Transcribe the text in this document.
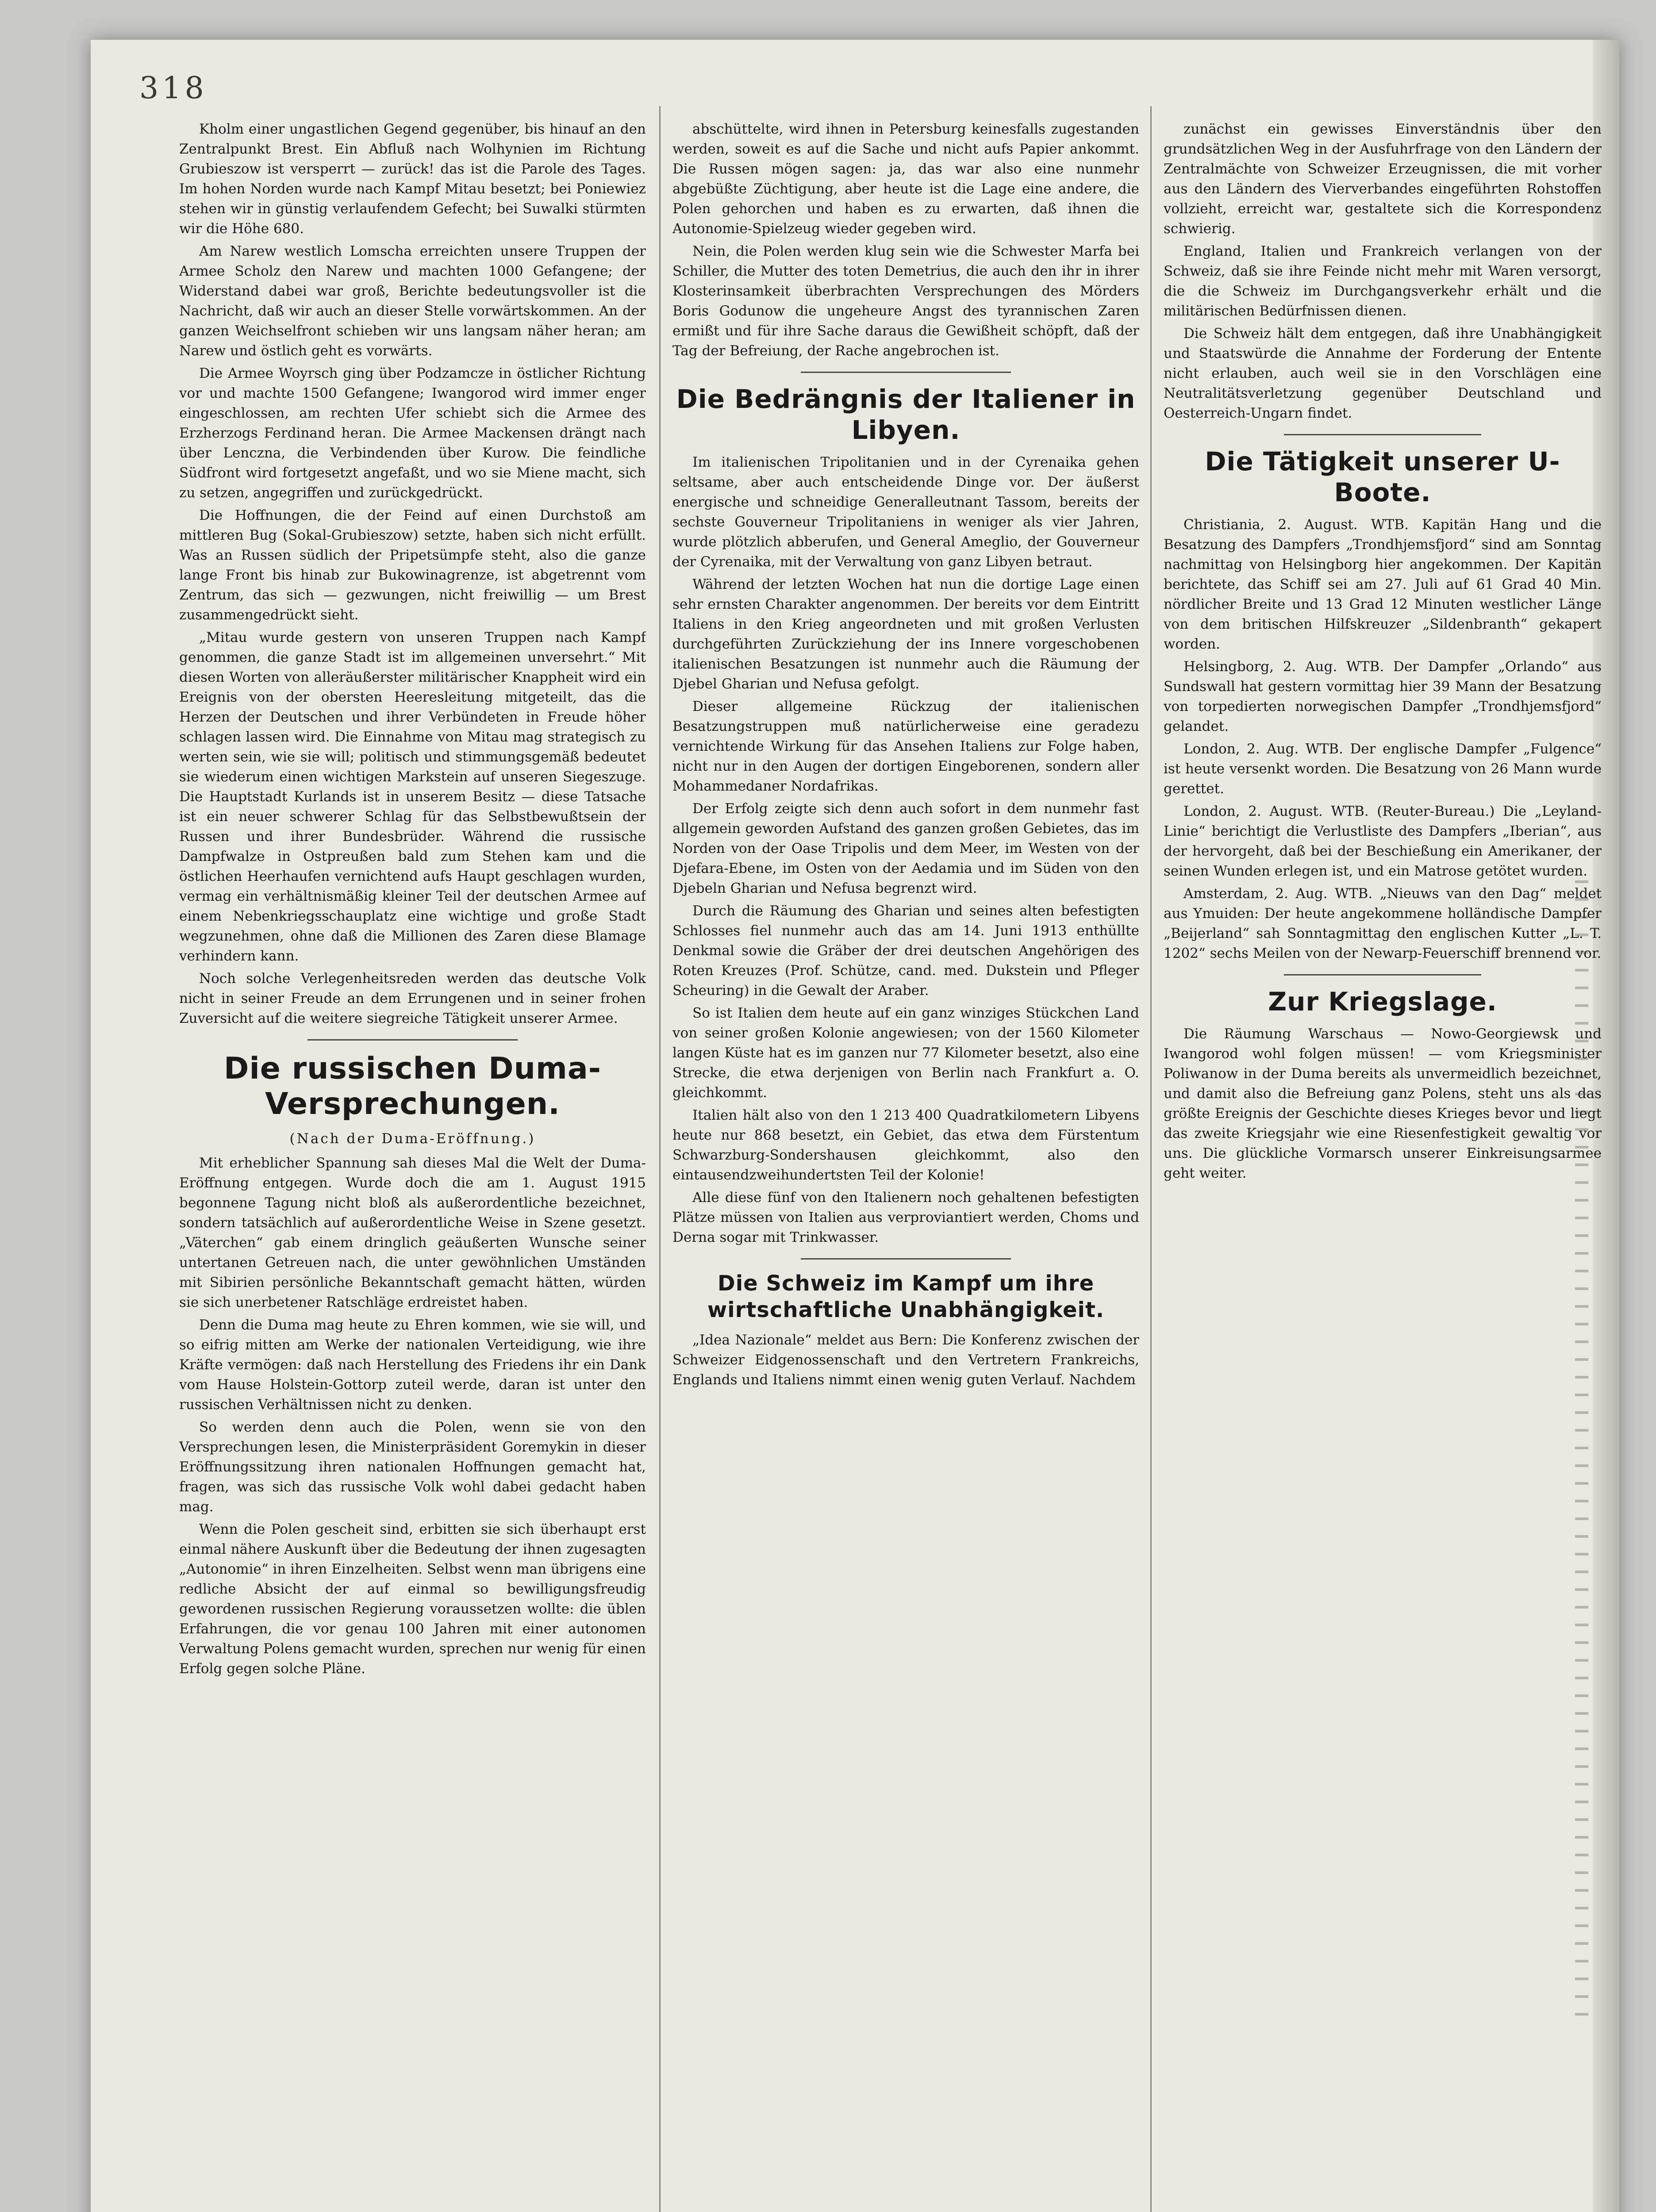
318

Kholm einer ungastlichen Gegend gegenüber, bis hinauf an den Zentralpunkt Brest. Ein Abfluß nach Wolhynien im Richtung Grubieszow ist versperrt — zurück! das ist die Parole des Tages. Im hohen Norden wurde nach Kampf Mitau besetzt; bei Poniewiez stehen wir in günstig verlaufendem Gefecht; bei Suwalki stürmten wir die Höhe 680.

Am Narew westlich Lomscha erreichten unsere Truppen der Armee Scholz den Narew und machten 1000 Gefangene; der Widerstand dabei war groß, Berichte bedeutungsvoller ist die Nachricht, daß wir auch an dieser Stelle vorwärtskommen. An der ganzen Weichselfront schieben wir uns langsam näher heran; am Narew und östlich geht es vorwärts.

Die Armee Woyrsch ging über Podzamcze in östlicher Richtung vor und machte 1500 Gefangene; Iwangorod wird immer enger eingeschlossen, am rechten Ufer schiebt sich die Armee des Erzherzogs Ferdinand heran. Die Armee Mackensen drängt nach über Lenczna, die Verbindenden über Kurow. Die feindliche Südfront wird fortgesetzt angefaßt, und wo sie Miene macht, sich zu setzen, angegriffen und zurückgedrückt.

Die Hoffnungen, die der Feind auf einen Durchstoß am mittleren Bug (Sokal-Grubieszow) setzte, haben sich nicht erfüllt. Was an Russen südlich der Pripetsümpfe steht, also die ganze lange Front bis hinab zur Bukowinagrenze, ist abgetrennt vom Zentrum, das sich — gezwungen, nicht freiwillig — um Brest zusammengedrückt sieht.

„Mitau wurde gestern von unseren Truppen nach Kampf genommen, die ganze Stadt ist im allgemeinen unversehrt.“ Mit diesen Worten von alleräußerster militärischer Knappheit wird ein Ereignis von der obersten Heeresleitung mitgeteilt, das die Herzen der Deutschen und ihrer Verbündeten in Freude höher schlagen lassen wird. Die Einnahme von Mitau mag strategisch zu werten sein, wie sie will; politisch und stimmungsgemäß bedeutet sie wiederum einen wichtigen Markstein auf unseren Siegeszuge. Die Hauptstadt Kurlands ist in unserem Besitz — diese Tatsache ist ein neuer schwerer Schlag für das Selbstbewußtsein der Russen und ihrer Bundesbrüder. Während die russische Dampfwalze in Ostpreußen bald zum Stehen kam und die östlichen Heerhaufen vernichtend aufs Haupt geschlagen wurden, vermag ein verhältnismäßig kleiner Teil der deutschen Armee auf einem Nebenkriegsschauplatz eine wichtige und große Stadt wegzunehmen, ohne daß die Millionen des Zaren diese Blamage verhindern kann.

Noch solche Verlegenheitsreden werden das deutsche Volk nicht in seiner Freude an dem Errungenen und in seiner frohen Zuversicht auf die weitere siegreiche Tätigkeit unserer Armee.

Die russischen Duma-Versprechungen.
(Nach der Duma-Eröffnung.)

Mit erheblicher Spannung sah dieses Mal die Welt der Duma-Eröffnung entgegen. Wurde doch die am 1. August 1915 begonnene Tagung nicht bloß als außerordentliche bezeichnet, sondern tatsächlich auf außerordentliche Weise in Szene gesetzt. „Väterchen“ gab einem dringlich geäußerten Wunsche seiner untertanen Getreuen nach, die unter gewöhnlichen Umständen mit Sibirien persönliche Bekanntschaft gemacht hätten, würden sie sich unerbetener Ratschläge erdreistet haben.

Denn die Duma mag heute zu Ehren kommen, wie sie will, und so eifrig mitten am Werke der nationalen Verteidigung, wie ihre Kräfte vermögen: daß nach Herstellung des Friedens ihr ein Dank vom Hause Holstein-Gottorp zuteil werde, daran ist unter den russischen Verhältnissen nicht zu denken.

So werden denn auch die Polen, wenn sie von den Versprechungen lesen, die Ministerpräsident Goremykin in dieser Eröffnungssitzung ihren nationalen Hoffnungen gemacht hat, fragen, was sich das russische Volk wohl dabei gedacht haben mag.

Wenn die Polen gescheit sind, erbitten sie sich überhaupt erst einmal nähere Auskunft über die Bedeutung der ihnen zugesagten „Autonomie“ in ihren Einzelheiten. Selbst wenn man übrigens eine redliche Absicht der auf einmal so bewilligungsfreudig gewordenen russischen Regierung voraussetzen wollte: die üblen Erfahrungen, die vor genau 100 Jahren mit einer autonomen Verwaltung Polens gemacht wurden, sprechen nur wenig für einen Erfolg gegen solche Pläne.

abschüttelte, wird ihnen in Petersburg keinesfalls zugestanden werden, soweit es auf die Sache und nicht aufs Papier ankommt. Die Russen mögen sagen: ja, das war also eine nunmehr abgebüßte Züchtigung, aber heute ist die Lage eine andere, die Polen gehorchen und haben es zu erwarten, daß ihnen die Autonomie-Spielzeug wieder gegeben wird.

Nein, die Polen werden klug sein wie die Schwester Marfa bei Schiller, die Mutter des toten Demetrius, die auch den ihr in ihrer Klosterinsamkeit überbrachten Versprechungen des Mörders Boris Godunow die ungeheure Angst des tyrannischen Zaren ermißt und für ihre Sache daraus die Gewißheit schöpft, daß der Tag der Befreiung, der Rache angebrochen ist.

Die Bedrängnis der Italiener in Libyen.

Im italienischen Tripolitanien und in der Cyrenaika gehen seltsame, aber auch entscheidende Dinge vor. Der äußerst energische und schneidige Generalleutnant Tassom, bereits der sechste Gouverneur Tripolitaniens in weniger als vier Jahren, wurde plötzlich abberufen, und General Ameglio, der Gouverneur der Cyrenaika, mit der Verwaltung von ganz Libyen betraut.

Während der letzten Wochen hat nun die dortige Lage einen sehr ernsten Charakter angenommen. Der bereits vor dem Eintritt Italiens in den Krieg angeordneten und mit großen Verlusten durchgeführten Zurückziehung der ins Innere vorgeschobenen italienischen Besatzungen ist nunmehr auch die Räumung der Djebel Gharian und Nefusa gefolgt.

Dieser allgemeine Rückzug der italienischen Besatzungstruppen muß natürlicherweise eine geradezu vernichtende Wirkung für das Ansehen Italiens zur Folge haben, nicht nur in den Augen der dortigen Eingeborenen, sondern aller Mohammedaner Nordafrikas.

Der Erfolg zeigte sich denn auch sofort in dem nunmehr fast allgemein geworden Aufstand des ganzen großen Gebietes, das im Norden von der Oase Tripolis und dem Meer, im Westen von der Djefara-Ebene, im Osten von der Aedamia und im Süden von den Djebeln Gharian und Nefusa begrenzt wird.

Durch die Räumung des Gharian und seines alten befestigten Schlosses fiel nunmehr auch das am 14. Juni 1913 enthüllte Denkmal sowie die Gräber der drei deutschen Angehörigen des Roten Kreuzes (Prof. Schütze, cand. med. Dukstein und Pfleger Scheuring) in die Gewalt der Araber.

So ist Italien dem heute auf ein ganz winziges Stückchen Land von seiner großen Kolonie angewiesen; von der 1560 Kilometer langen Küste hat es im ganzen nur 77 Kilometer besetzt, also eine Strecke, die etwa derjenigen von Berlin nach Frankfurt a. O. gleichkommt.

Italien hält also von den 1 213 400 Quadratkilometern Libyens heute nur 868 besetzt, ein Gebiet, das etwa dem Fürstentum Schwarzburg-Sondershausen gleichkommt, also den eintausendzweihundertsten Teil der Kolonie!

Alle diese fünf von den Italienern noch gehaltenen befestigten Plätze müssen von Italien aus verproviantiert werden, Choms und Derna sogar mit Trinkwasser.

Die Schweiz im Kampf um ihre wirtschaftliche Unabhängigkeit.

„Idea Nazionale“ meldet aus Bern: Die Konferenz zwischen der Schweizer Eidgenossenschaft und den Vertretern Frankreichs, Englands und Italiens nimmt einen wenig guten Verlauf. Nachdem

zunächst ein gewisses Einverständnis über den grundsätzlichen Weg in der Ausfuhrfrage von den Ländern der Zentralmächte von Schweizer Erzeugnissen, die mit vorher aus den Ländern des Vierverbandes eingeführten Rohstoffen vollzieht, erreicht war, gestaltete sich die Korrespondenz schwierig.

England, Italien und Frankreich verlangen von der Schweiz, daß sie ihre Feinde nicht mehr mit Waren versorgt, die die Schweiz im Durchgangsverkehr erhält und die militärischen Bedürfnissen dienen.

Die Schweiz hält dem entgegen, daß ihre Unabhängigkeit und Staatswürde die Annahme der Forderung der Entente nicht erlauben, auch weil sie in den Vorschlägen eine Neutralitätsverletzung gegenüber Deutschland und Oesterreich-Ungarn findet.

Die Tätigkeit unserer U-Boote.

Christiania, 2. August. WTB. Kapitän Hang und die Besatzung des Dampfers „Trondhjemsfjord“ sind am Sonntag nachmittag von Helsingborg hier angekommen. Der Kapitän berichtete, das Schiff sei am 27. Juli auf 61 Grad 40 Min. nördlicher Breite und 13 Grad 12 Minuten westlicher Länge von dem britischen Hilfskreuzer „Sildenbranth“ gekapert worden.

Helsingborg, 2. Aug. WTB. Der Dampfer „Orlando“ aus Sundswall hat gestern vormittag hier 39 Mann der Besatzung von torpedierten norwegischen Dampfer „Trondhjemsfjord“ gelandet.

London, 2. Aug. WTB. Der englische Dampfer „Fulgence“ ist heute versenkt worden. Die Besatzung von 26 Mann wurde gerettet.

London, 2. August. WTB. (Reuter-Bureau.) Die „Leyland-Linie“ berichtigt die Verlustliste des Dampfers „Iberian“, aus der hervorgeht, daß bei der Beschießung ein Amerikaner, der seinen Wunden erlegen ist, und ein Matrose getötet wurden.

Amsterdam, 2. Aug. WTB. „Nieuws van den Dag“ meldet aus Ymuiden: Der heute angekommene holländische Dampfer „Beijerland“ sah Sonntagmittag den englischen Kutter „L. T. 1202“ sechs Meilen von der Newarp-Feuerschiff brennend vor.

Zur Kriegslage.

Die Räumung Warschaus — Nowo-Georgiewsk und Iwangorod wohl folgen müssen! — vom Kriegsminister Poliwanow in der Duma bereits als unvermeidlich bezeichnet, und damit also die Befreiung ganz Polens, steht uns als das größte Ereignis der Geschichte dieses Krieges bevor und liegt das zweite Kriegsjahr wie eine Riesenfestigkeit gewaltig vor uns. Die glückliche Vormarsch unserer Einkreisungsarmee geht weiter.
